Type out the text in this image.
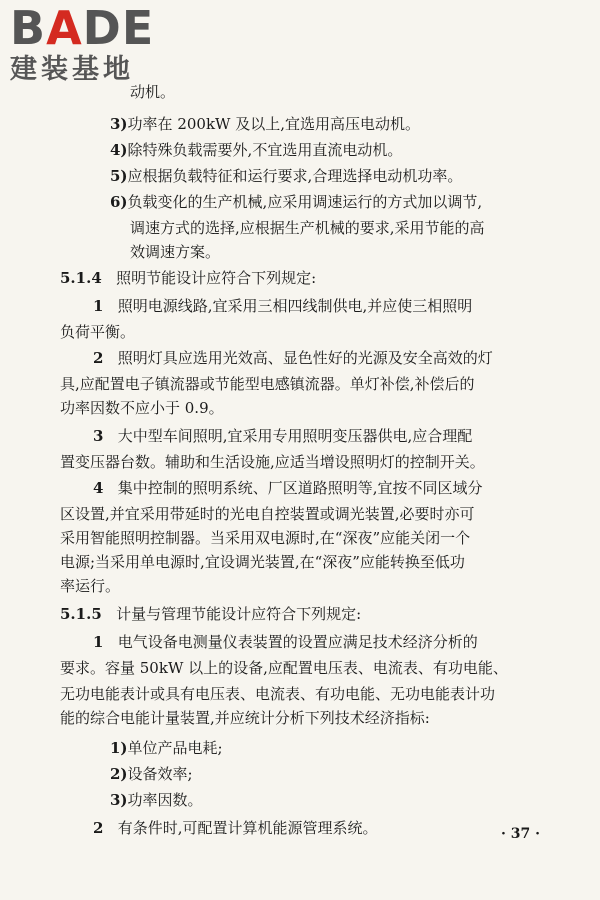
BADE
建装基地
动机。
3)功率在 200kW 及以上,宜选用高压电动机。
4)除特殊负载需要外,不宜选用直流电动机。
5)应根据负载特征和运行要求,合理选择电动机功率。
6)负载变化的生产机械,应采用调速运行的方式加以调节,
调速方式的选择,应根据生产机械的要求,采用节能的高
效调速方案。
5.1.4 照明节能设计应符合下列规定:
1 照明电源线路,宜采用三相四线制供电,并应使三相照明
负荷平衡。
2 照明灯具应选用光效高、显色性好的光源及安全高效的灯
具,应配置电子镇流器或节能型电感镇流器。单灯补偿,补偿后的
功率因数不应小于 0.9。
3 大中型车间照明,宜采用专用照明变压器供电,应合理配
置变压器台数。辅助和生活设施,应适当增设照明灯的控制开关。
4 集中控制的照明系统、厂区道路照明等,宜按不同区域分
区设置,并宜采用带延时的光电自控装置或调光装置,必要时亦可
采用智能照明控制器。当采用双电源时,在“深夜”应能关闭一个
电源;当采用单电源时,宜设调光装置,在“深夜”应能转换至低功
率运行。
5.1.5 计量与管理节能设计应符合下列规定:
1 电气设备电测量仪表装置的设置应满足技术经济分析的
要求。容量 50kW 以上的设备,应配置电压表、电流表、有功电能、
无功电能表计或具有电压表、电流表、有功电能、无功电能表计功
能的综合电能计量装置,并应统计分析下列技术经济指标:
1)单位产品电耗;
2)设备效率;
3)功率因数。
2 有条件时,可配置计算机能源管理系统。	· 37 ·
